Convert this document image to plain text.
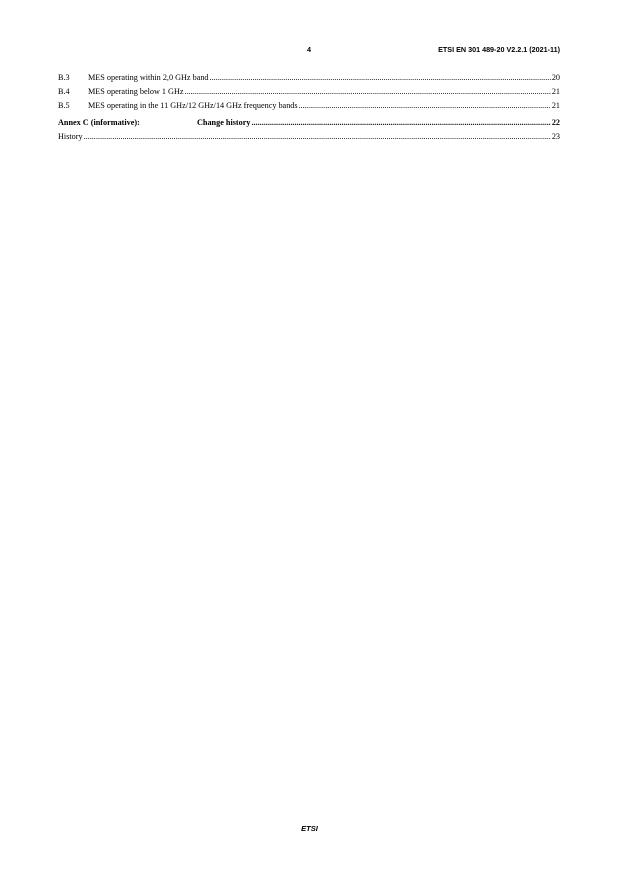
4	ETSI EN 301 489-20 V2.2.1 (2021-11)
B.3	MES operating within 2,0 GHz band .....	20
B.4	MES operating below 1 GHz .....	21
B.5	MES operating in the 11 GHz/12 GHz/14 GHz frequency bands .....	21
Annex C (informative):	Change history .....	22
History .....	23
ETSI
